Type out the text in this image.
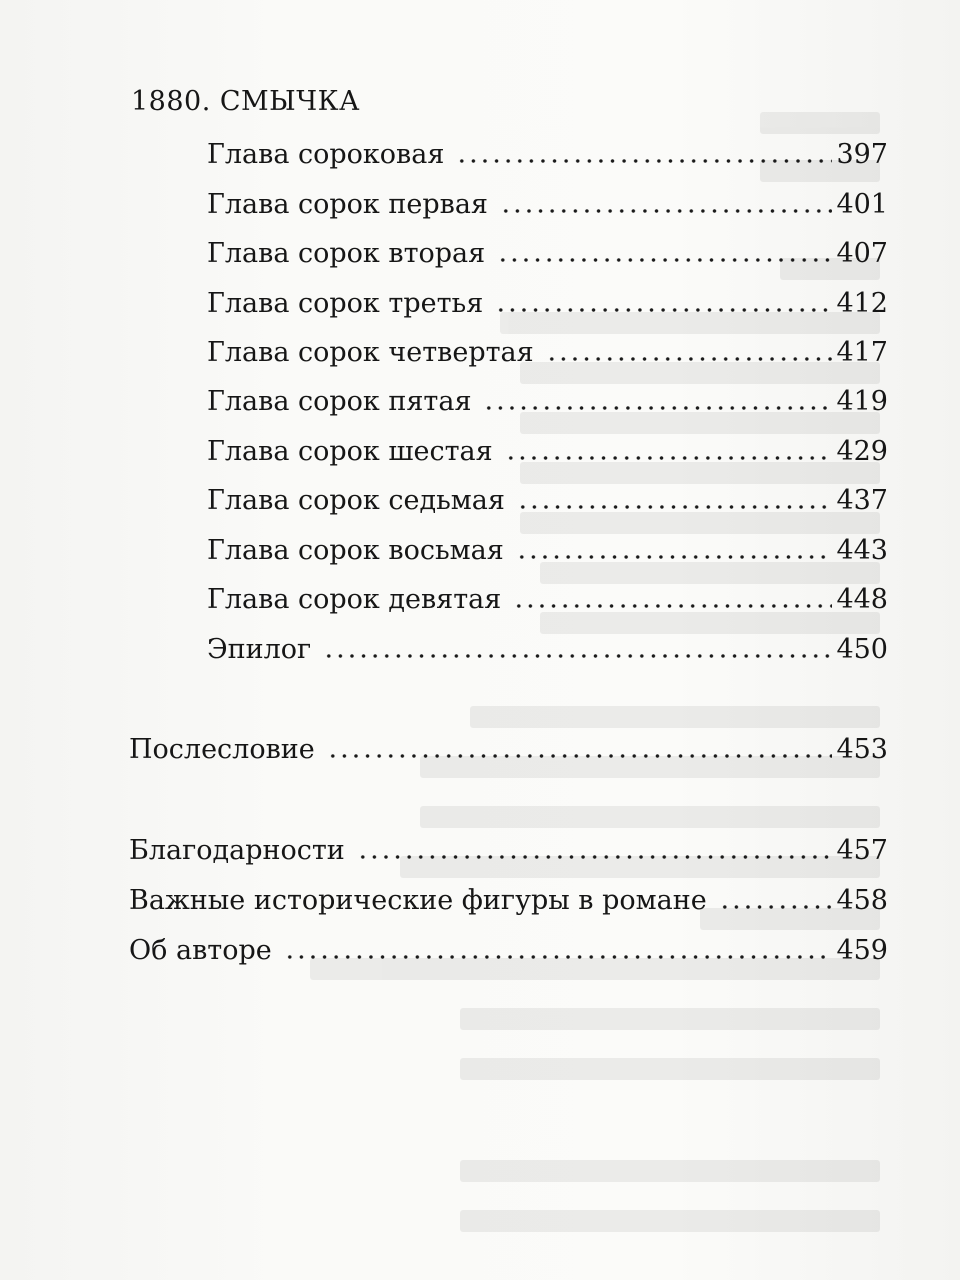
1880. СМЫЧКА
Глава сороковая	397
Глава сорок первая	401
Глава сорок вторая	407
Глава сорок третья	412
Глава сорок четвертая	417
Глава сорок пятая	419
Глава сорок шестая	429
Глава сорок седьмая	437
Глава сорок восьмая	443
Глава сорок девятая	448
Эпилог	450
Послесловие	453
Благодарности	457
Важные исторические фигуры в романе	458
Об авторе	459
